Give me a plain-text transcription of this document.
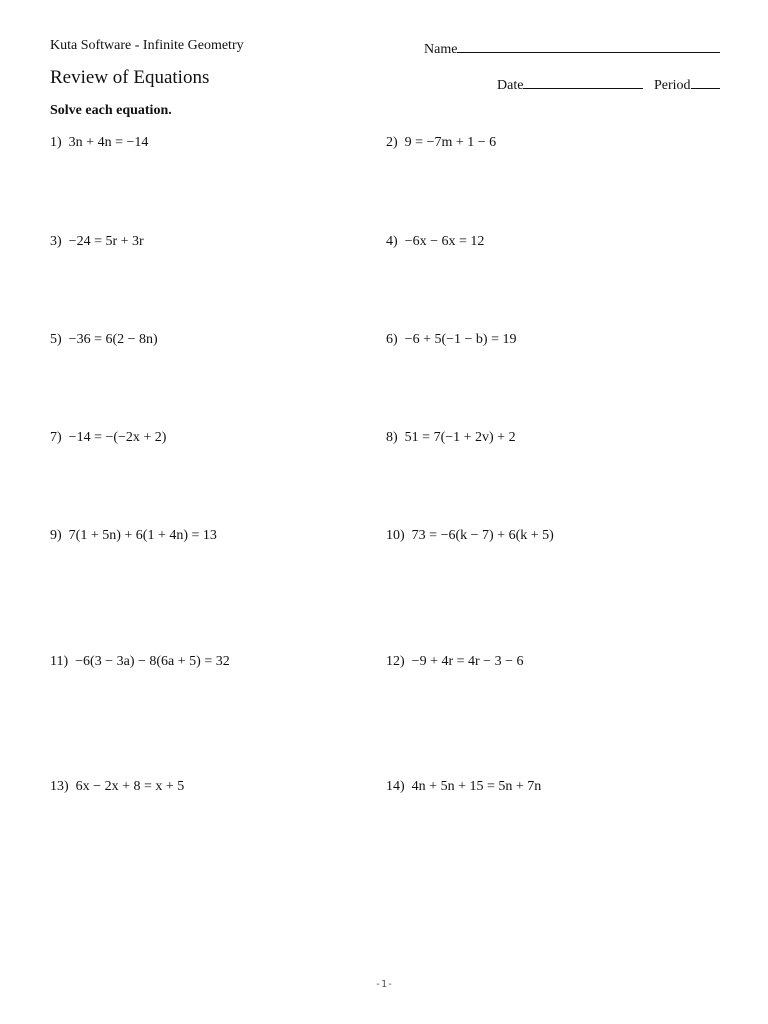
Kuta Software - Infinite Geometry	Name
Review of Equations	Date	Period
Solve each equation.
1) 3n + 4n = −14	2) 9 = −7m + 1 − 6
3) −24 = 5r + 3r	4) −6x − 6x = 12
5) −36 = 6(2 − 8n)	6) −6 + 5(−1 − b) = 19
7) −14 = −(−2x + 2)	8) 51 = 7(−1 + 2v) + 2
9) 7(1 + 5n) + 6(1 + 4n) = 13	10) 73 = −6(k − 7) + 6(k + 5)
11) −6(3 − 3a) − 8(6a + 5) = 32	12) −9 + 4r = 4r − 3 − 6
13) 6x − 2x + 8 = x + 5	14) 4n + 5n + 15 = 5n + 7n
-1-
